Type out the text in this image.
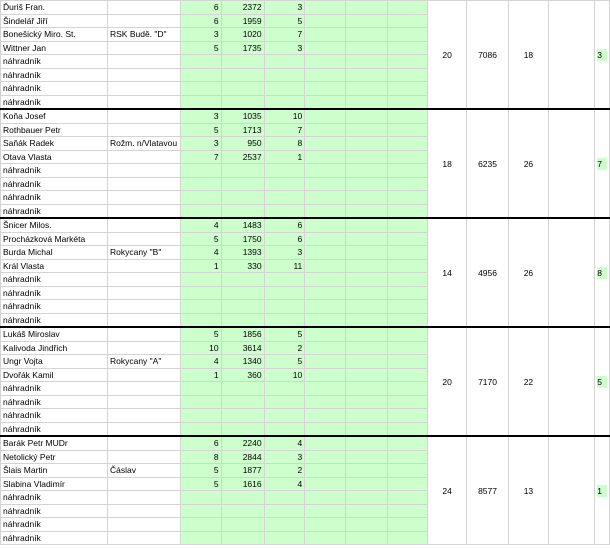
Ďuriš Fran.		6	2372	3				20	7086	18		3

Šindelář Jiří		6	1959	5								
Bonešický Miro. St.	RSK Budě. "D"	3	1020	7								
Wittner Jan		5	1735	3								
náhradník												
náhradník												
náhradník												
náhradník												
Koňa Josef		3	1035	10				18	6235	26		7

Rothbauer Petr		5	1713	7								
Saňák Radek	Rožm. n/Vlatavou	3	950	8								
Otava Vlasta		7	2537	1								
náhradník												
náhradník												
náhradník												
náhradník												
Šnicer Milos.		4	1483	6				14	4956	26		8

Procházková Markéta		5	1750	6								
Burda Michal	Rokycany "B"	4	1393	3								
Král Vlasta		1	330	11								
náhradník												
náhradník												
náhradník												
náhradník												
Lukáš Miroslav		5	1856	5				20	7170	22		5

Kalivoda Jindřich		10	3614	2								
Ungr Vojta	Rokycany "A"	4	1340	5								
Dvořák Kamil		1	360	10								
náhradník												
náhradník												
náhradník												
náhradník												
Barák Petr MUDr		6	2240	4				24	8577	13		1

Netolický Petr		8	2844	3								
Šlais Martin	Čáslav	5	1877	2								
Slabina Vladimír		5	1616	4								
náhradník												
náhradník												
náhradník												
náhradník												
